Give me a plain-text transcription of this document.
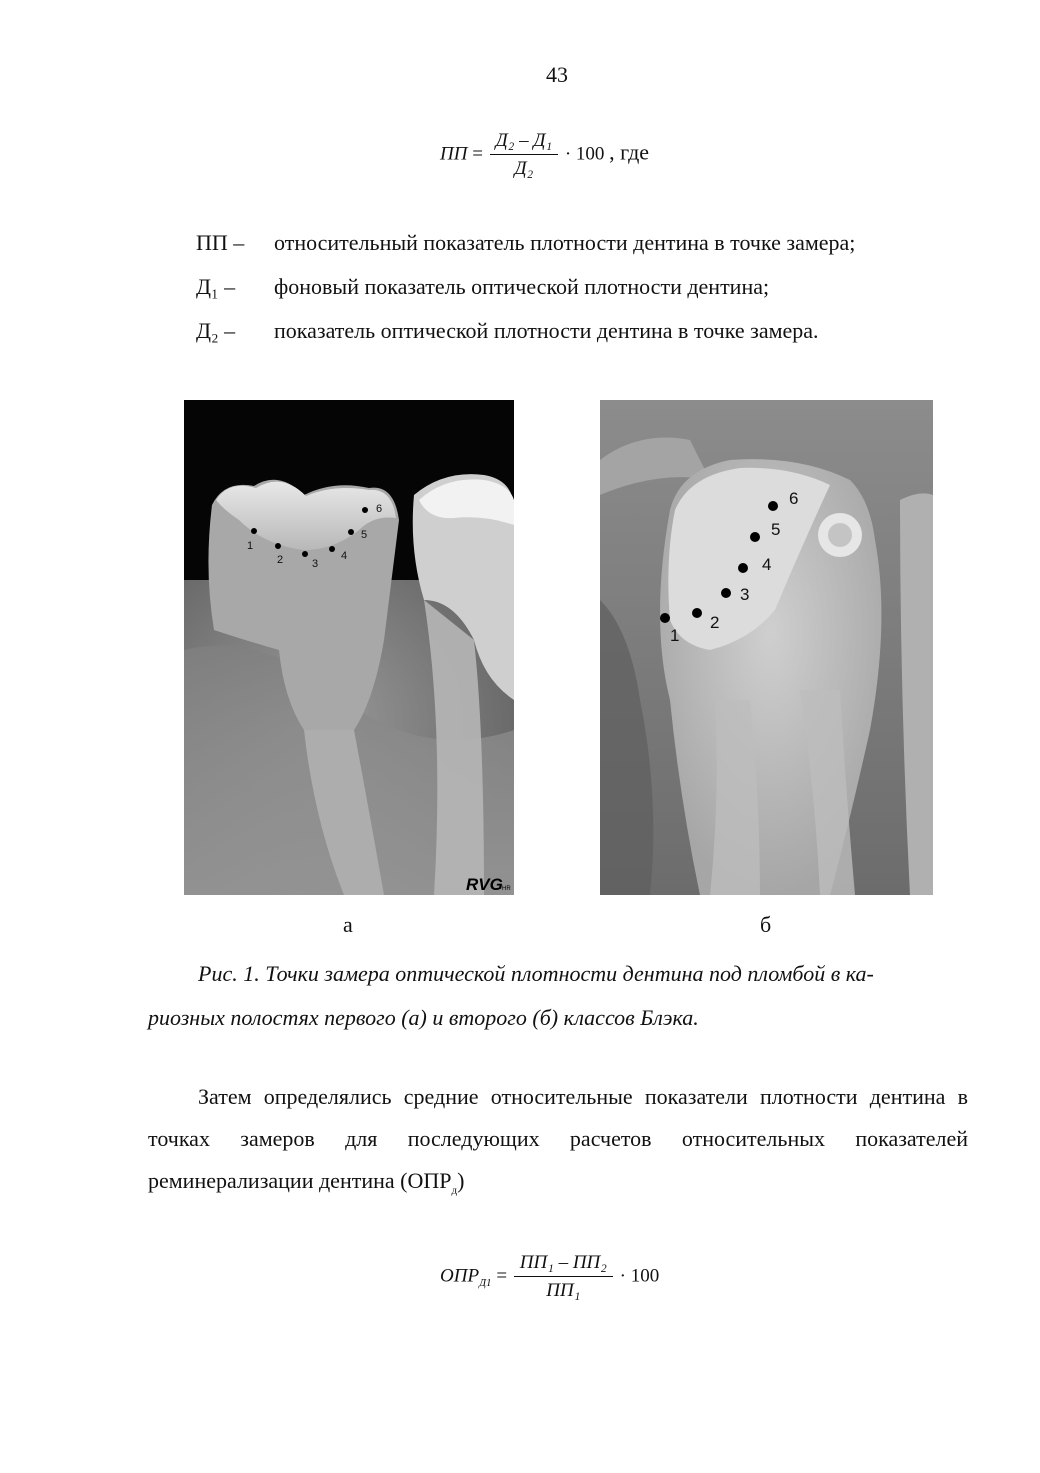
43
ПП = $\frac{\text{Д₂ – Д₁}}{\text{Д₂}} \cdot 100$ , где
ПП –	относительный показатель плотности дентина в точке замера;
Д₁ –	фоновый показатель оптической плотности дентина;
Д₂ –	показатель оптической плотности дентина в точке замера.
1
2	3
4
5
6
RVG HR
1
2
3
4
5
6
а	б
Рис. 1. Точки замера оптической плотности дентина под пломбой в ка-
риозных полостях первого (а) и второго (б) классов Блэка.

Затем определялись средние относительные показатели плотности дентина в точках замеров для последующих расчетов относительных показателей реминерализации дентина $(ОПР_д)$

$ОПР_{Д1} = \frac{\text{ПП₁ – ПП₂}}{\text{ПП₁}} \cdot 100$
